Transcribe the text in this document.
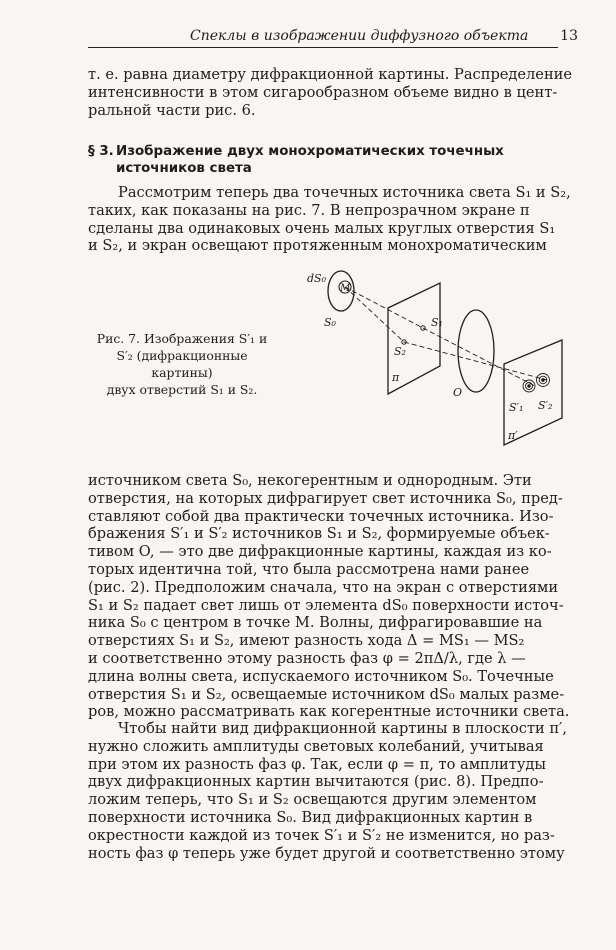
Спеклы в изображении диффузного объекта 13

т. е. равна диаметру дифракционной картины. Распределение

интенсивности в этом сигарообразном объеме видно в цент-

ральной части рис. 6.

§ 3. Изображение двух монохроматических точечных
источников света

Рассмотрим теперь два точечных источника света S₁ и S₂,

таких, как показаны на рис. 7. В непрозрачном экране π

сделаны два одинаковых очень малых круглых отверстия S₁

и S₂, и экран освещают протяженным монохроматическим

Рис. 7. Изображения S′₁ и
S′₂ (дифракционные картины)
двух отверстий S₁ и S₂.
dS₀
M
S₀	S₁
S₂
π
O
S′₁ S′₂
π′

источником света S₀, некогерентным и однородным. Эти

отверстия, на которых дифрагирует свет источника S₀, пред-

ставляют собой два практически точечных источника. Изо-

бражения S′₁ и S′₂ источников S₁ и S₂, формируемые объек-

тивом O, — это две дифракционные картины, каждая из ко-

торых идентична той, что была рассмотрена нами ранее

(рис. 2). Предположим сначала, что на экран с отверстиями

S₁ и S₂ падает свет лишь от элемента dS₀ поверхности источ-

ника S₀ с центром в точке M. Волны, дифрагировавшие на

отверстиях S₁ и S₂, имеют разность хода Δ = MS₁ — MS₂

и соответственно этому разность фаз φ = 2πΔ/λ, где λ —

длина волны света, испускаемого источником S₀. Точечные

отверстия S₁ и S₂, освещаемые источником dS₀ малых разме-

ров, можно рассматривать как когерентные источники света.

Чтобы найти вид дифракционной картины в плоскости π′,

нужно сложить амплитуды световых колебаний, учитывая

при этом их разность фаз φ. Так, если φ = π, то амплитуды

двух дифракционных картин вычитаются (рис. 8). Предпо-

ложим теперь, что S₁ и S₂ освещаются другим элементом

поверхности источника S₀. Вид дифракционных картин в

окрестности каждой из точек S′₁ и S′₂ не изменится, но раз-

ность фаз φ теперь уже будет другой и соответственно этому
